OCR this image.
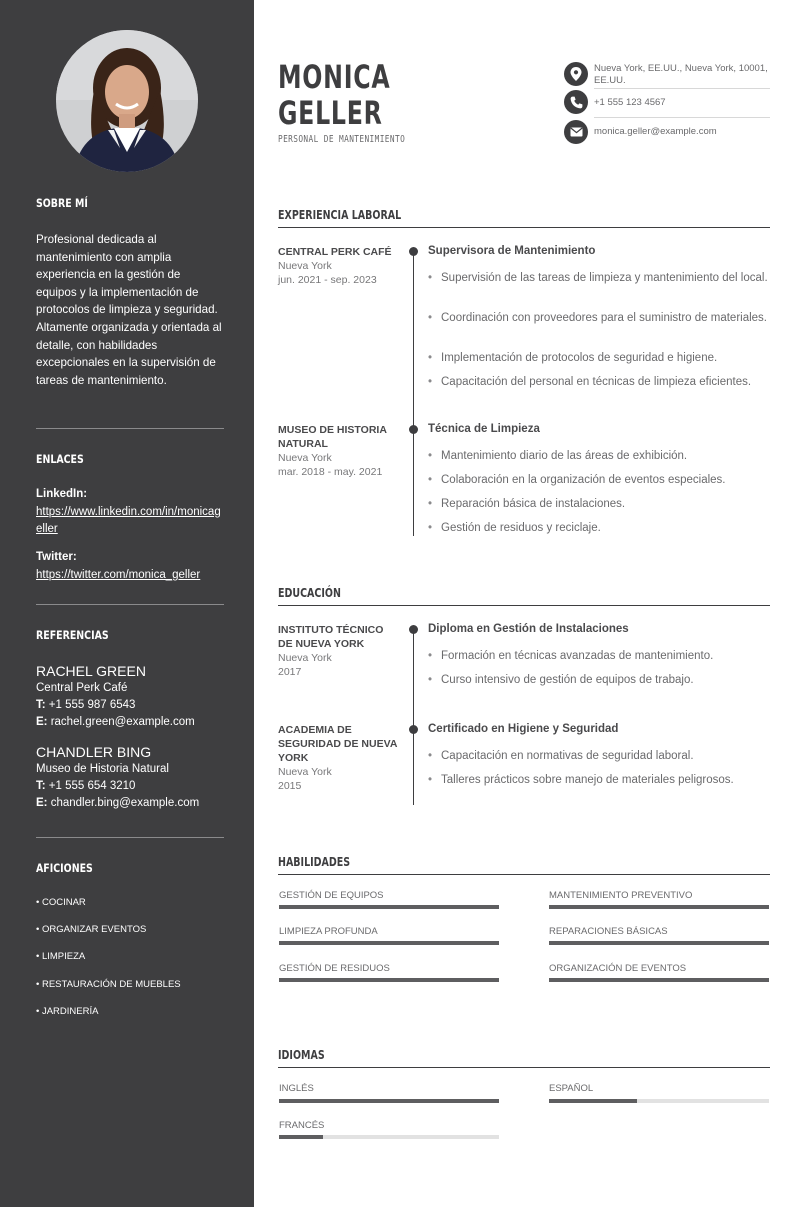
SOBRE MÍ
Profesional dedicada al mantenimiento con amplia experiencia en la gestión de equipos y la implementación de protocolos de limpieza y seguridad. Altamente organizada y orientada al detalle, con habilidades excepcionales en la supervisión de tareas de mantenimiento.
ENLACES
LinkedIn:
https://www.linkedin.com/in/monicageller
Twitter:
https://twitter.com/monica_geller
REFERENCIAS
RACHEL GREEN
Central Perk Café
T: +1 555 987 6543
E: rachel.green@example.com
CHANDLER BING
Museo de Historia Natural
T: +1 555 654 3210
E: chandler.bing@example.com
AFICIONES
• COCINAR
• ORGANIZAR EVENTOS
• LIMPIEZA
• RESTAURACIÓN DE MUEBLES
• JARDINERÍA
MONICA
GELLER
PERSONAL DE MANTENIMIENTO
Nueva York, EE.UU., Nueva York, 10001, EE.UU.
+1 555 123 4567
monica.geller@example.com
EXPERIENCIA LABORAL
CENTRAL PERK CAFÉ
Nueva York
jun. 2021 - sep. 2023
Supervisora de Mantenimiento
• Supervisión de las tareas de limpieza y mantenimiento del local.
• Coordinación con proveedores para el suministro de materiales.
• Implementación de protocolos de seguridad e higiene.
• Capacitación del personal en técnicas de limpieza eficientes.
MUSEO DE HISTORIA NATURAL
Nueva York
mar. 2018 - may. 2021
Técnica de Limpieza
• Mantenimiento diario de las áreas de exhibición.
• Colaboración en la organización de eventos especiales.
• Reparación básica de instalaciones.
• Gestión de residuos y reciclaje.
EDUCACIÓN
INSTITUTO TÉCNICO DE NUEVA YORK
Nueva York
2017
Diploma en Gestión de Instalaciones
• Formación en técnicas avanzadas de mantenimiento.
• Curso intensivo de gestión de equipos de trabajo.
ACADEMIA DE SEGURIDAD DE NUEVA YORK
Nueva York
2015
Certificado en Higiene y Seguridad
• Capacitación en normativas de seguridad laboral.
• Talleres prácticos sobre manejo de materiales peligrosos.
HABILIDADES
GESTIÓN DE EQUIPOS	MANTENIMIENTO PREVENTIVO
LIMPIEZA PROFUNDA	REPARACIONES BÁSICAS
GESTIÓN DE RESIDUOS	ORGANIZACIÓN DE EVENTOS
IDIOMAS
INGLÉS	ESPAÑOL
FRANCÉS
